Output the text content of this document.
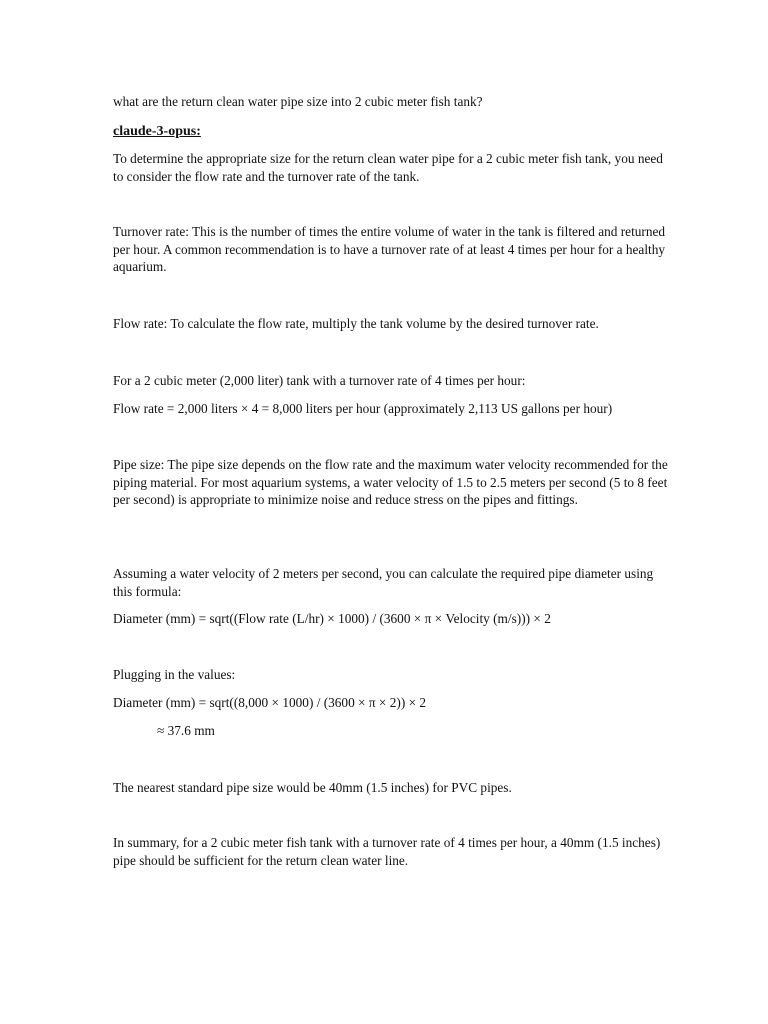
what are the return clean water pipe size into 2 cubic meter fish tank?

claude-3-opus:

To determine the appropriate size for the return clean water pipe for a 2 cubic meter fish tank, you need to consider the flow rate and the turnover rate of the tank.

Turnover rate: This is the number of times the entire volume of water in the tank is filtered and returned per hour. A common recommendation is to have a turnover rate of at least 4 times per hour for a healthy aquarium.

Flow rate: To calculate the flow rate, multiply the tank volume by the desired turnover rate.

For a 2 cubic meter (2,000 liter) tank with a turnover rate of 4 times per hour:

Flow rate = 2,000 liters × 4 = 8,000 liters per hour (approximately 2,113 US gallons per hour)

Pipe size: The pipe size depends on the flow rate and the maximum water velocity recommended for the piping material. For most aquarium systems, a water velocity of 1.5 to 2.5 meters per second (5 to 8 feet per second) is appropriate to minimize noise and reduce stress on the pipes and fittings.

Assuming a water velocity of 2 meters per second, you can calculate the required pipe diameter using this formula:

Diameter (mm) = sqrt((Flow rate (L/hr) × 1000) / (3600 × π × Velocity (m/s))) × 2

Plugging in the values:

Diameter (mm) = sqrt((8,000 × 1000) / (3600 × π × 2)) × 2

≈ 37.6 mm

The nearest standard pipe size would be 40mm (1.5 inches) for PVC pipes.

In summary, for a 2 cubic meter fish tank with a turnover rate of 4 times per hour, a 40mm (1.5 inches) pipe should be sufficient for the return clean water line.
